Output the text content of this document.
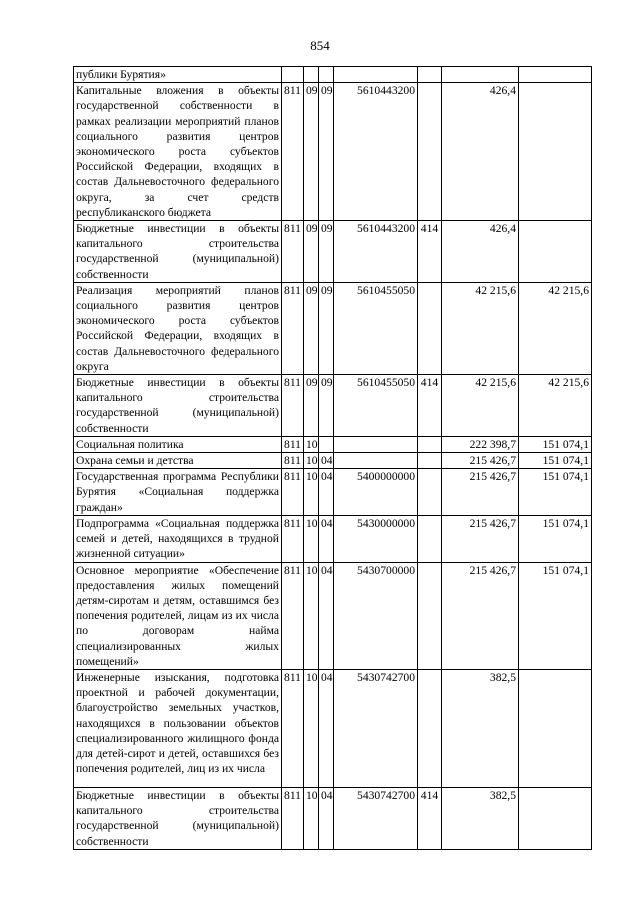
854
публики Бурятия»							
Капитальные вложения в объекты государственной собственности в рамках реализации мероприятий планов социального развития центров экономического роста субъектов Российской Федерации, входящих в состав Дальневосточного федерального округа, за счет средств республиканского бюджета	811	09	09	5610443200		426,4	
Бюджетные инвестиции в объекты капитального строительства государственной (муниципальной) собственности	811	09	09	5610443200	414	426,4	
Реализация мероприятий планов социального развития центров экономического роста субъектов Российской Федерации, входящих в состав Дальневосточного федерального округа	811	09	09	5610455050		42 215,6	42 215,6
Бюджетные инвестиции в объекты капитального строительства государственной (муниципальной) собственности	811	09	09	5610455050	414	42 215,6	42 215,6
Социальная политика	811	10				222 398,7	151 074,1
Охрана семьи и детства	811	10	04			215 426,7	151 074,1
Государственная программа Республики Бурятия «Социальная поддержка граждан»	811	10	04	5400000000		215 426,7	151 074,1
Подпрограмма «Социальная поддержка семей и детей, находящихся в трудной жизненной ситуации»	811	10	04	5430000000		215 426,7	151 074,1
Основное мероприятие «Обеспечение предоставления жилых помещений детям-сиротам и детям, оставшимся без попечения родителей, лицам из их числа по договорам найма специализированных жилых помещений»	811	10	04	5430700000		215 426,7	151 074,1
Инженерные изыскания, подготовка проектной и рабочей документации, благоустройство земельных участков, находящихся в пользовании объектов специализированного жилищного фонда для детей-сирот и детей, оставшихся без попечения родителей, лиц из их числа	811	10	04	5430742700		382,5	
Бюджетные инвестиции в объекты капитального строительства государственной (муниципальной) собственности	811	10	04	5430742700	414	382,5	
